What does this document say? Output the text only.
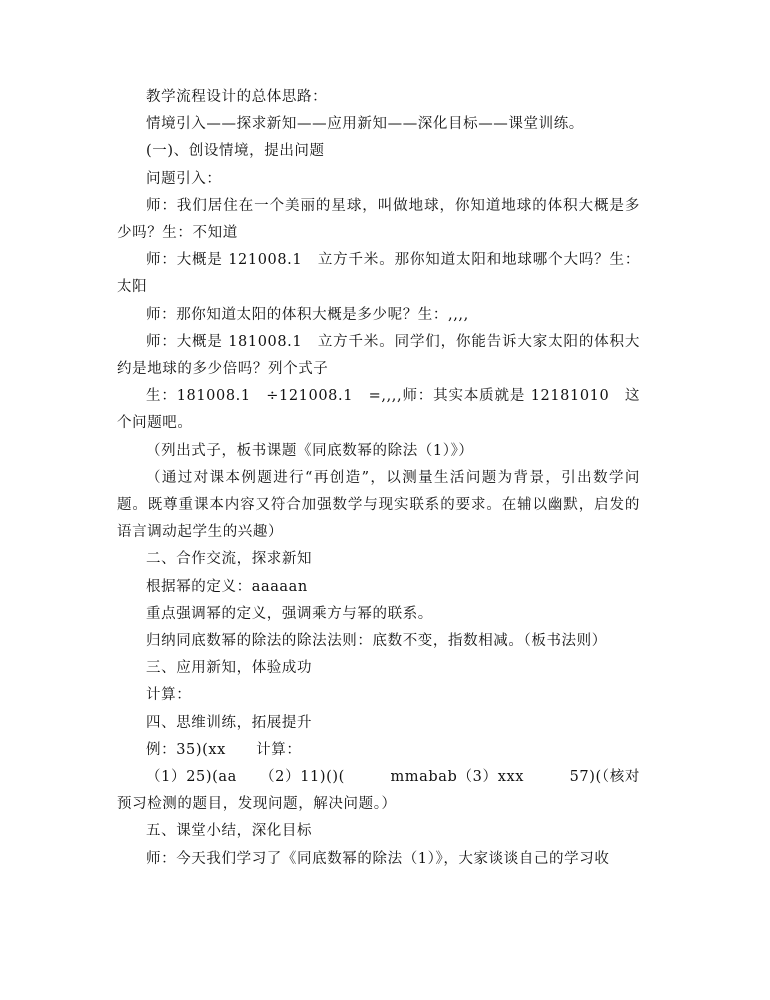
教学流程设计的总体思路：

情境引入——探求新知——应用新知——深化目标——课堂训练。

(一)、创设情境，提出问题

问题引入：

师：我们居住在一个美丽的星球，叫做地球，你知道地球的体积大概是多少吗？生：不知道

师：大概是 121008.1　立方千米。那你知道太阳和地球哪个大吗？生：太阳

师：那你知道太阳的体积大概是多少呢？生：,,,,

师：大概是 181008.1　立方千米。同学们，你能告诉大家太阳的体积大约是地球的多少倍吗？列个式子

生：181008.1　÷121008.1　=,,,,师：其实本质就是 12181010　这个问题吧。

（列出式子，板书课题《同底数幂的除法（1）》）

（通过对课本例题进行“再创造”，以测量生活问题为背景，引出数学问题。既尊重课本内容又符合加强数学与现实联系的要求。在辅以幽默，启发的语言调动起学生的兴趣）

二、合作交流，探求新知

根据幂的定义：aaaaan

重点强调幂的定义，强调乘方与幂的联系。

归纳同底数幂的除法的除法法则：底数不变，指数相减。（板书法则）

三、应用新知，体验成功

计算：

四、思维训练，拓展提升

例：35)(xx　　计算：

（1）25)(aa　　（2）11)()(　　　mmabab（3）xxx　　　57)(（核对预习检测的题目，发现问题，解决问题。）

五、课堂小结，深化目标

师：今天我们学习了《同底数幂的除法（1）》，大家谈谈自己的学习收
